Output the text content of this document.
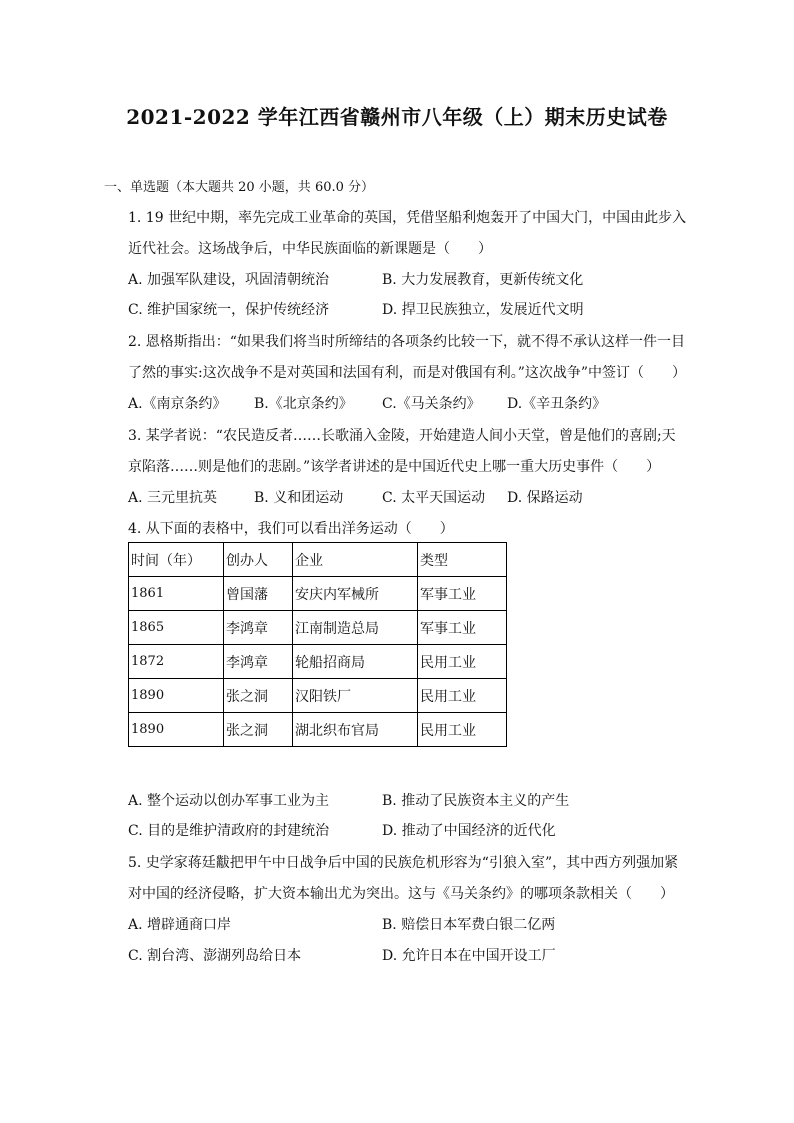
2021-2022 学年江西省赣州市八年级（上）期末历史试卷
一、单选题（本大题共 20 小题，共 60.0 分）
1. 19 世纪中期，率先完成工业革命的英国，凭借坚船利炮轰开了中国大门，中国由此步入
近代社会。这场战争后，中华民族面临的新课题是（　　）
A. 加强军队建设，巩固清朝统治	B. 大力发展教育，更新传统文化
C. 维护国家统一，保护传统经济	D. 捍卫民族独立，发展近代文明
2. 恩格斯指出：“如果我们将当时所缔结的各项条约比较一下，就不得不承认这样一件一目
了然的事实:这次战争不是对英国和法国有利，而是对俄国有利。”这次战争”中签订（　　）
A.《南京条约》 B.《北京条约》 C.《马关条约》 D.《辛丑条约》
3. 某学者说：“农民造反者……长歌涌入金陵，开始建造人间小天堂，曾是他们的喜剧;天
京陷落……则是他们的悲剧。”该学者讲述的是中国近代史上哪一重大历史事件（　　）
A. 三元里抗英	B. 义和团运动	C. 太平天国运动 D. 保路运动
4. 从下面的表格中，我们可以看出洋务运动（　　）
时间（年）	创办人	企业	类型
1861	曾国藩	安庆内军械所	军事工业
1865	李鸿章	江南制造总局	军事工业
1872	李鸿章	轮船招商局	民用工业
1890	张之洞	汉阳铁厂	民用工业
1890	张之洞	湖北织布官局	民用工业
A. 整个运动以创办军事工业为主	B. 推动了民族资本主义的产生
C. 目的是维护清政府的封建统治	D. 推动了中国经济的近代化
5. 史学家蒋廷黻把甲午中日战争后中国的民族危机形容为“引狼入室”，其中西方列强加紧
对中国的经济侵略，扩大资本输出尤为突出。这与《马关条约》的哪项条款相关（　　）
A. 增辟通商口岸	B. 赔偿日本军费白银二亿两
C. 割台湾、澎湖列岛给日本	D. 允许日本在中国开设工厂
